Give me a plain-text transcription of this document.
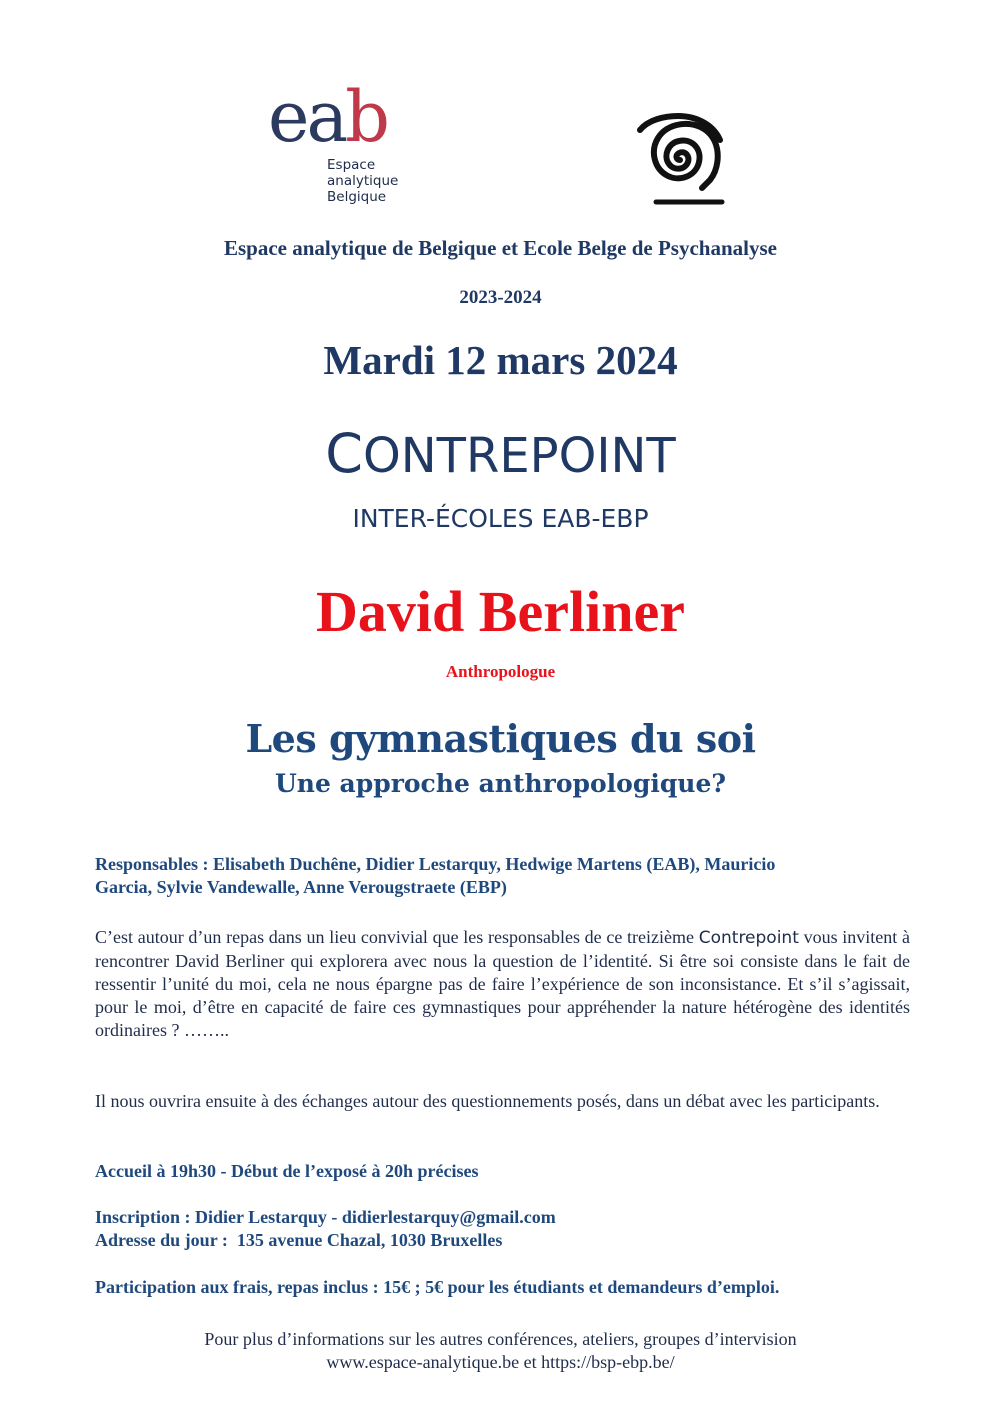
eab
Espace
analytique
Belgique
Espace analytique de Belgique et Ecole Belge de Psychanalyse
2023-2024
Mardi 12 mars 2024
CONTREPOINT
INTER-ÉCOLES EAB-EBP
David Berliner
Anthropologue
Les gymnastiques du soi
Une approche anthropologique?
Responsables : Elisabeth Duchêne, Didier Lestarquy, Hedwige Martens (EAB), Mauricio
Garcia, Sylvie Vandewalle, Anne Verougstraete (EBP)
C’est autour d’un repas dans un lieu convivial que les responsables de ce treizième Contrepoint vous invitent à rencontrer David Berliner qui explorera avec nous la question de l’identité. Si être soi consiste dans le fait de ressentir l’unité du moi, cela ne nous épargne pas de faire l’expérience de son inconsistance. Et s’il s’agissait, pour le moi, d’être en capacité de faire ces gymnastiques pour appréhender la nature hétérogène des identités ordinaires ? ……..
Il nous ouvrira ensuite à des échanges autour des questionnements posés, dans un débat avec les participants.
Accueil à 19h30 - Début de l’exposé à 20h précises
Inscription : Didier Lestarquy - didierlestarquy@gmail.com
Adresse du jour :  135 avenue Chazal, 1030 Bruxelles
Participation aux frais, repas inclus : 15€ ; 5€ pour les étudiants et demandeurs d’emploi.
Pour plus d’informations sur les autres conférences, ateliers, groupes d’intervision
www.espace-analytique.be et https://bsp-ebp.be/
